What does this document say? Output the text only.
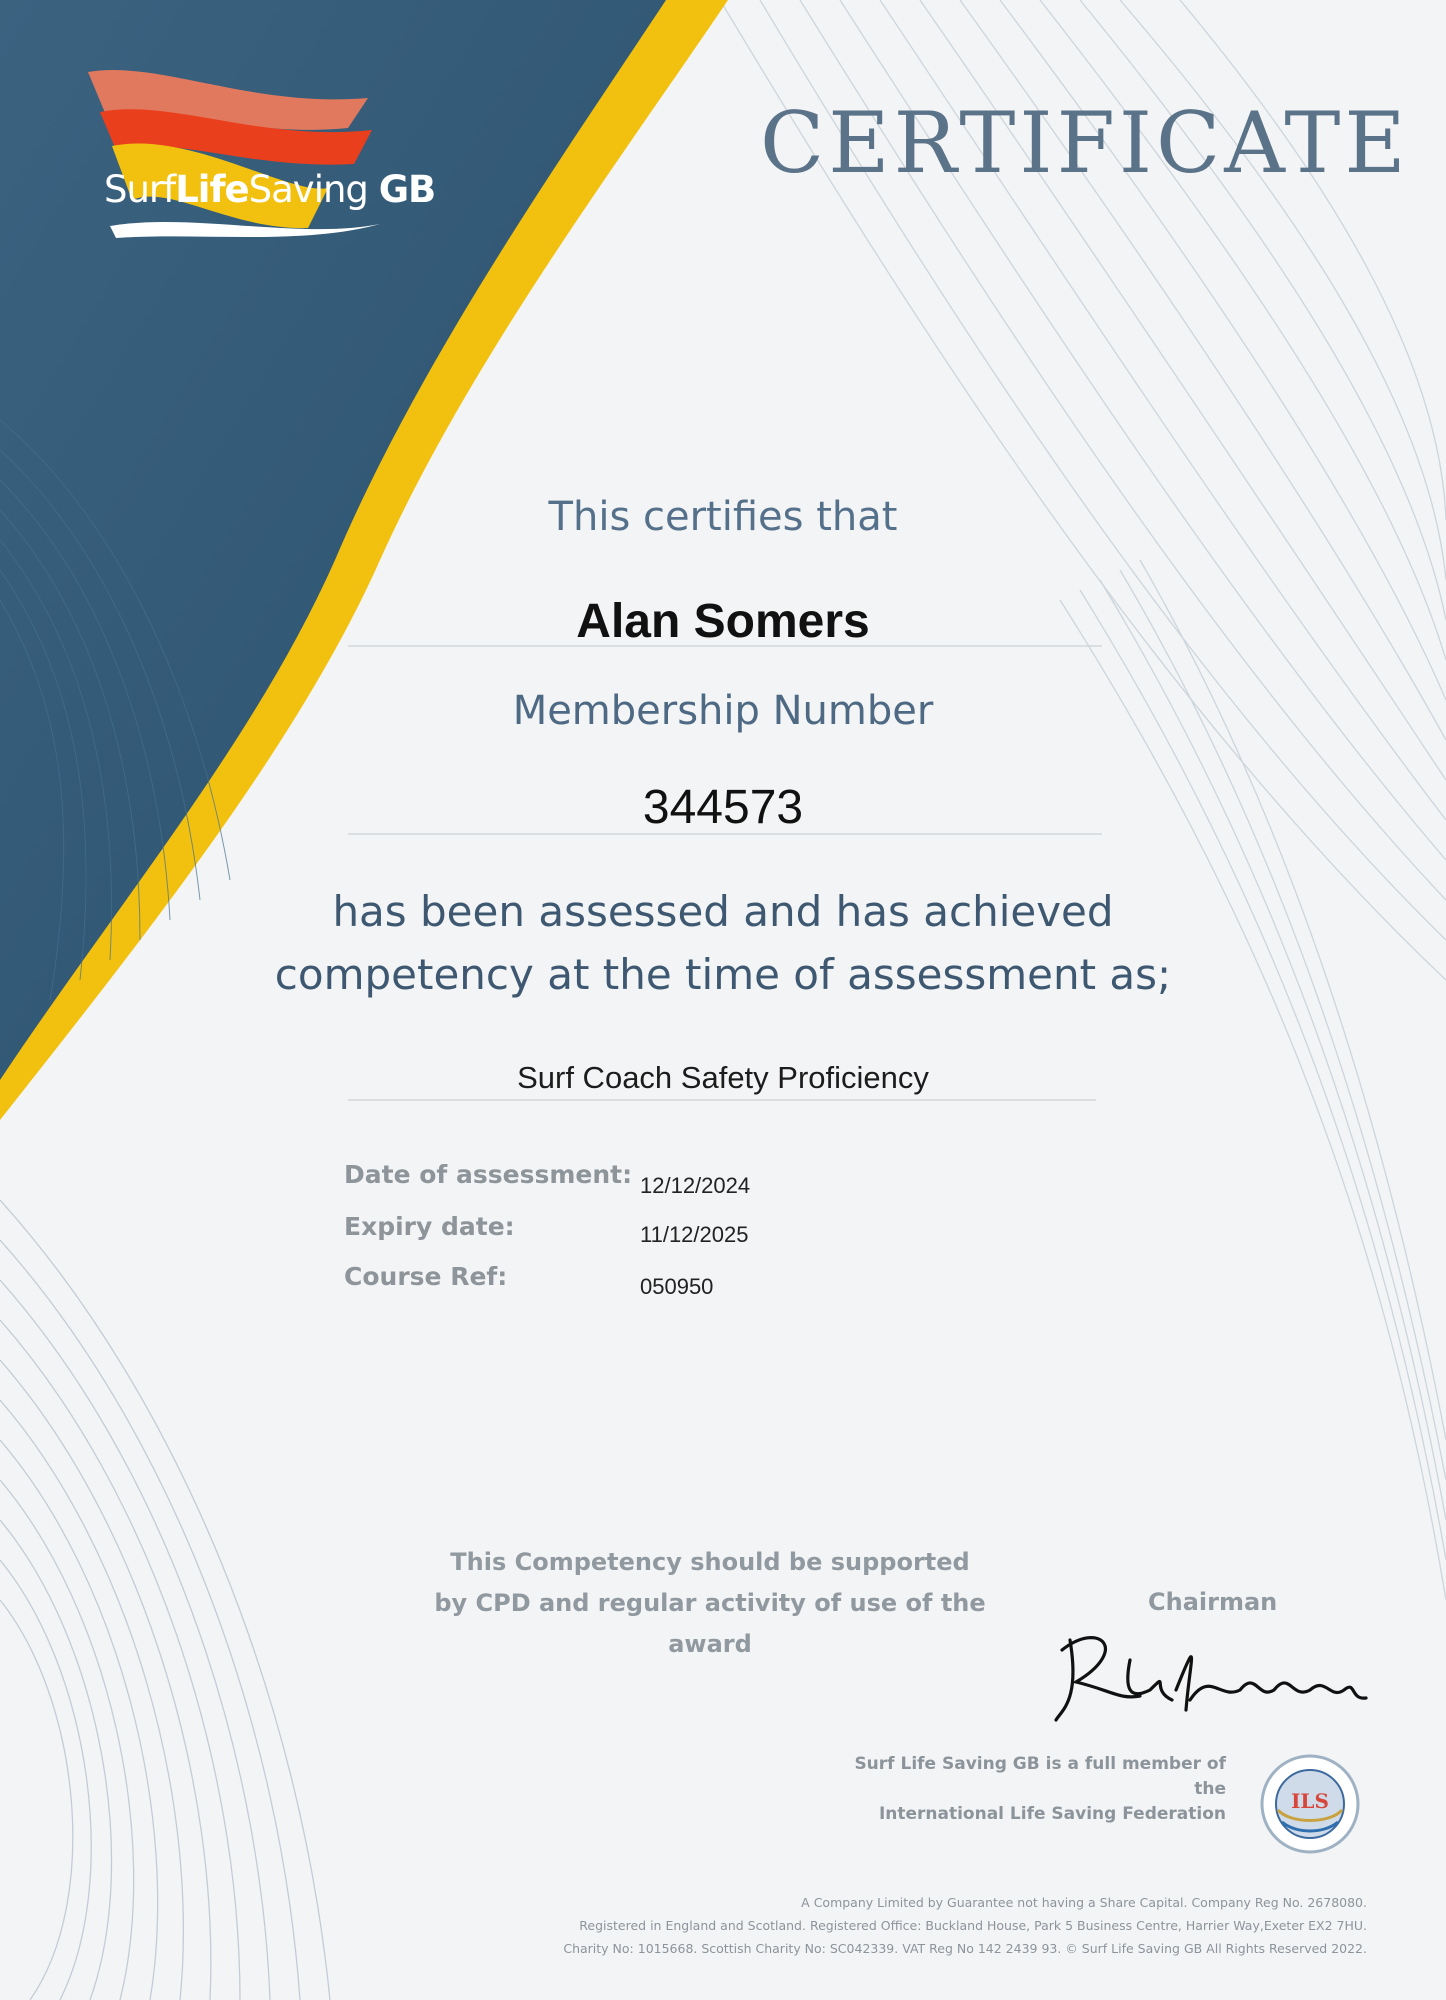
ILS
SurfLifeSaving GB	CERTIFICATE
This certifies that
Alan Somers
Membership Number
344573
has been assessed and has achieved
competency at the time of assessment as;
Surf Coach Safety Proficiency
Date of assessment: 12/12/2024
Expiry date:	11/12/2025
Course Ref:	050950
This Competency should be supported
by CPD and regular activity of use of the award
Chairman
Surf Life Saving GB is a full member of the
International Life Saving Federation
A Company Limited by Guarantee not having a Share Capital. Company Reg No. 2678080.
Registered in England and Scotland. Registered Office: Buckland House, Park 5 Business Centre, Harrier Way,Exeter EX2 7HU.
Charity No: 1015668. Scottish Charity No: SC042339. VAT Reg No 142 2439 93. © Surf Life Saving GB All Rights Reserved 2022.
